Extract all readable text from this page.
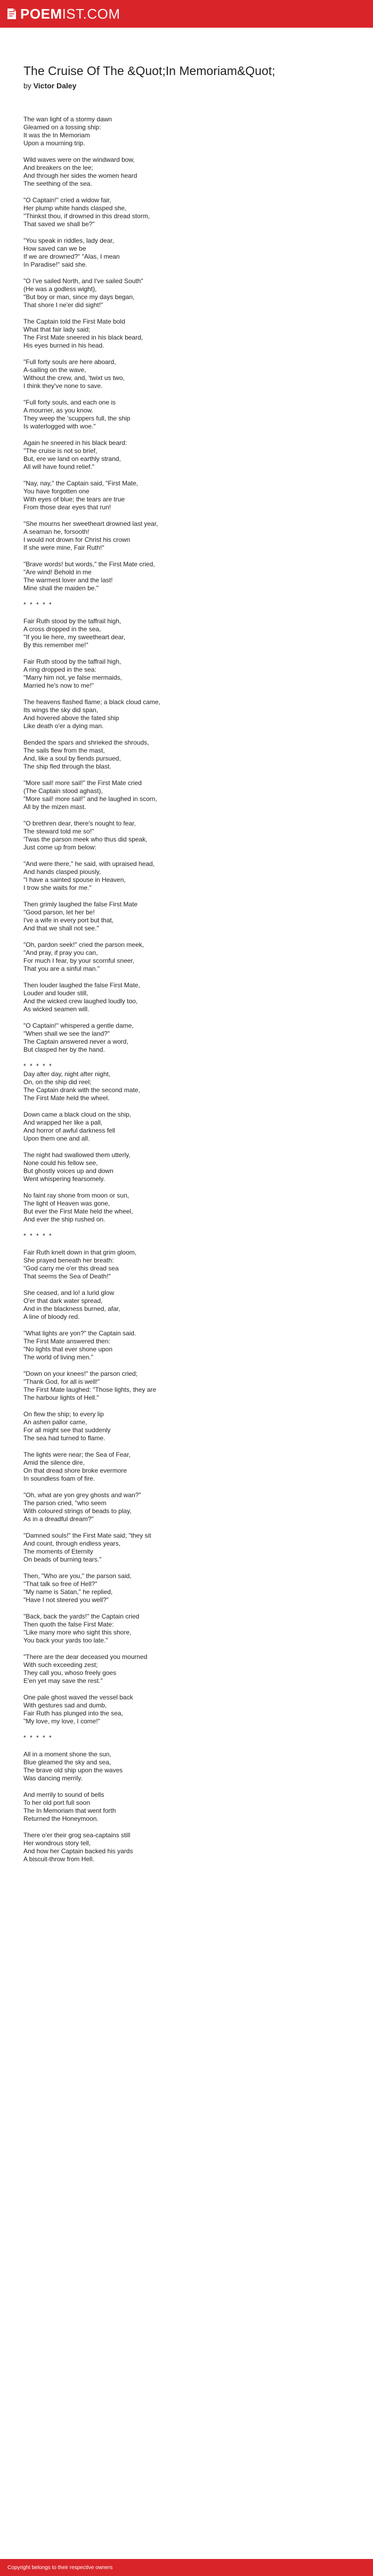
POEM IST.COM
The Cruise Of The &Quot;In Memoriam&Quot;
by Victor Daley
The wan light of a stormy dawn
Gleamed on a tossing ship:
It was the In Memoriam
Upon a mourning trip.
Wild waves were on the windward bow,
And breakers on the lee;
And through her sides the women heard
The seething of the sea.
"O Captain!" cried a widow fair,
Her plump white hands clasped she,
"Thinkst thou, if drowned in this dread storm,
That saved we shall be?"
"You speak in riddles, lady dear,
How saved can we be
If we are drowned?" "Alas, I mean
In Paradise!" said she.
"O I've sailed North, and I've sailed South"
(He was a godless wight),
"But boy or man, since my days began,
That shore I ne'er did sight!"
The Captain told the First Mate bold
What that fair lady said;
The First Mate sneered in his black beard,
His eyes burned in his head.
"Full forty souls are here aboard,
A-sailing on the wave,
Without the crew, and, 'twixt us two,
I think they've none to save.
"Full forty souls, and each one is
A mourner, as you know.
They weep the 'scuppers full, the ship
Is waterlogged with woe."
Again he sneered in his black beard:
"The cruise is not so brief,
But, ere we land on earthly strand,
All will have found relief."
"Nay, nay," the Captain said, "First Mate,
You have forgotten one
With eyes of blue; the tears are true
From those dear eyes that run!
"She mourns her sweetheart drowned last year,
A seaman he, forsooth!
I would not drown for Christ his crown
If she were mine, Fair Ruth!"
"Brave words! but words," the First Mate cried,
"Are wind! Behold in me
The warmest lover and the last!
Mine shall the maiden be."
* * * * *
Fair Ruth stood by the taffrail high,
A cross dropped in the sea,
"If you lie here, my sweetheart dear,
By this remember me!"
Fair Ruth stood by the taffrail high,
A ring dropped in the sea:
"Marry him not, ye false mermaids,
Married he's now to me!"
The heavens flashed flame; a black cloud came,
Its wings the sky did span,
And hovered above the fated ship
Like death o'er a dying man.
Bended the spars and shrieked the shrouds,
The sails flew from the mast,
And, like a soul by fiends pursued,
The ship fled through the blast.
"More sail! more sail!" the First Mate cried
(The Captain stood aghast),
"More sail! more sail!" and he laughed in scorn,
All by the mizen mast.
"O brethren dear, there's nought to fear,
The steward told me so!"
'Twas the parson meek who thus did speak,
Just come up from below:
"And were there," he said, with upraised head,
And hands clasped piously,
"I have a sainted spouse in Heaven,
I trow she waits for me."
Then grimly laughed the false First Mate
"Good parson, let her be!
I've a wife in every port but that,
And that we shall not see."
"Oh, pardon seek!" cried the parson meek,
"And pray, if pray you can,
For much I fear, by your scornful sneer,
That you are a sinful man."
Then louder laughed the false First Mate,
Louder and louder still,
And the wicked crew laughed loudly too,
As wicked seamen will.
"O Captain!" whispered a gentle dame,
"When shall we see the land?"
The Captain answered never a word,
But clasped her by the hand.
* * * * *
Day after day, night after night,
On, on the ship did reel;
The Captain drank with the second mate,
The First Mate held the wheel.
Down came a black cloud on the ship,
And wrapped her like a pall,
And horror of awful darkness fell
Upon them one and all.
The night had swallowed them utterly,
None could his fellow see,
But ghostly voices up and down
Went whispering fearsomely.
No faint ray shone from moon or sun,
The light of Heaven was gone,
But ever the First Mate held the wheel,
And ever the ship rushed on.
* * * * *
Fair Ruth knelt down in that grim gloom,
She prayed beneath her breath:
"God carry me o'er this dread sea
That seems the Sea of Death!"
She ceased, and lo! a lurid glow
O'er that dark water spread,
And in the blackness burned, afar,
A line of bloody red.
"What lights are yon?" the Captain said.
The First Mate answered then:
"No lights that ever shone upon
The world of living men."
"Down on your knees!" the parson cried;
"Thank God, for all is well!"
The First Mate laughed: "Those lights, they are
The harbour lights of Hell."
On flew the ship; to every lip
An ashen pallor came,
For all might see that suddenly
The sea had turned to flame.
The lights were near; the Sea of Fear,
Amid the silence dire,
On that dread shore broke evermore
In soundless foam of fire.
"Oh, what are yon grey ghosts and wan?"
The parson cried, "who seem
With coloured strings of beads to play,
As in a dreadful dream?"
"Damned souls!" the First Mate said; "they sit
And count, through endless years,
The moments of Eternity
On beads of burning tears."
Then, "Who are you," the parson said,
"That talk so free of Hell?"
"My name is Satan," he replied,
"Have I not steered you well?"
"Back, back the yards!" the Captain cried
Then quoth the false First Mate:
"Like many more who sight this shore,
You back your yards too late."
"There are the dear deceased you mourned
With such exceeding zest;
They call you, whoso freely goes
E'en yet may save the rest."
One pale ghost waved the vessel back
With gestures sad and dumb,
Fair Ruth has plunged into the sea,
"My love, my love, I come!"
* * * * *
All in a moment shone the sun,
Blue gleamed the sky and sea,
The brave old ship upon the waves
Was dancing merrily.
And merrily to sound of bells
To her old port full soon
The In Memoriam that went forth
Returned the Honeymoon.
There o'er their grog sea-captains still
Her wondrous story tell,
And how her Captain backed his yards
A biscuit-throw from Hell.
Copyright belongs to their respective owners
